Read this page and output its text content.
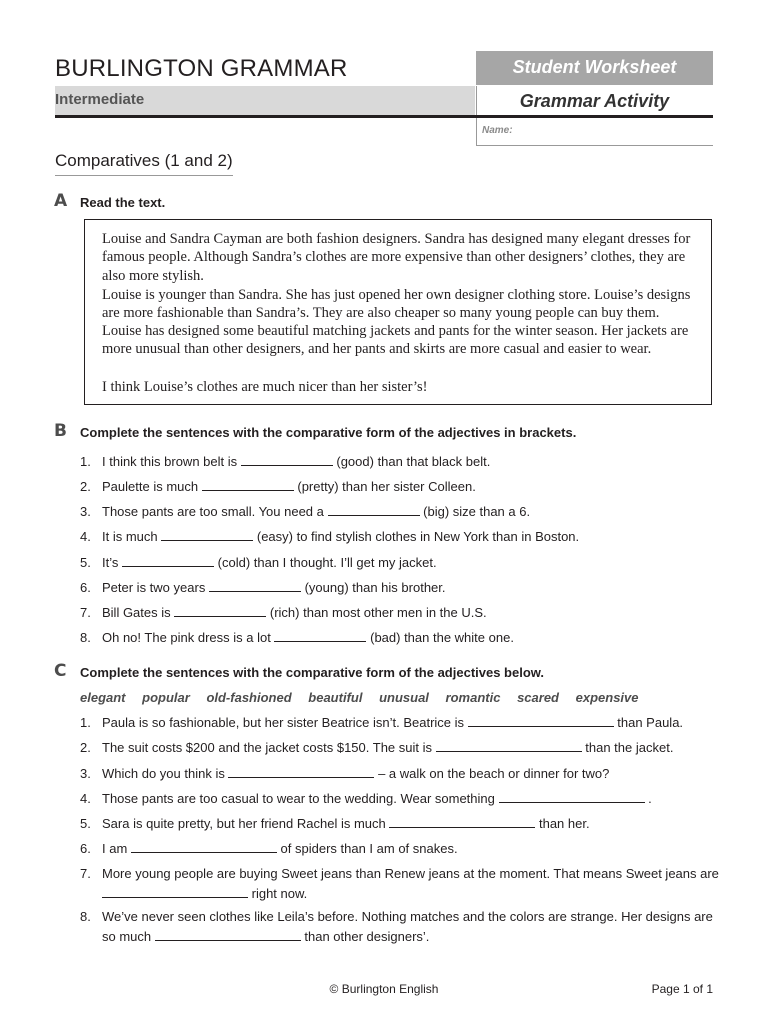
BURLINGTON GRAMMAR
Intermediate
Student Worksheet
Grammar Activity
Name:
Comparatives (1 and 2)
A Read the text.

Louise and Sandra Cayman are both fashion designers. Sandra has designed many elegant dresses for famous people. Although Sandra’s clothes are more expensive than other designers’ clothes, they are also more stylish.

Louise is younger than Sandra. She has just opened her own designer clothing store. Louise’s designs are more fashionable than Sandra’s. They are also cheaper so many young people can buy them. Louise has designed some beautiful matching jackets and pants for the winter season. Her jackets are more unusual than other designers, and her pants and skirts are more casual and easier to wear.

I think Louise’s clothes are much nicer than her sister’s!

B Complete the sentences with the comparative form of the adjectives in brackets.
1. I think this brown belt is	(good) than that black belt.
2. Paulette is much	(pretty) than her sister Colleen.
3. Those pants are too small. You need a	(big) size than a 6.
4. It is much	(easy) to find stylish clothes in New York than in Boston.
5. It’s	(cold) than I thought. I’ll get my jacket.
6. Peter is two years	(young) than his brother.
7. Bill Gates is	(rich) than most other men in the U.S.
8. Oh no! The pink dress is a lot	(bad) than the white one.
C Complete the sentences with the comparative form of the adjectives below.
elegant popular old-fashioned beautiful unusual romantic scared expensive
1. Paula is so fashionable, but her sister Beatrice isn’t. Beatrice is	than Paula.
2. The suit costs $200 and the jacket costs $150. The suit is	than the jacket.
3. Which do you think is	– a walk on the beach or dinner for two?
4. Those pants are too casual to wear to the wedding. Wear something	.
5. Sara is quite pretty, but her friend Rachel is much	than her.
6. I am	of spiders than I am of snakes.
7. More young people are buying Sweet jeans than Renew jeans at the moment. That means Sweet jeans are  right now.
8. We’ve never seen clothes like Leila’s before. Nothing matches and the colors are strange. Her designs are so much	than other designers’.
© Burlington English	Page 1 of 1
